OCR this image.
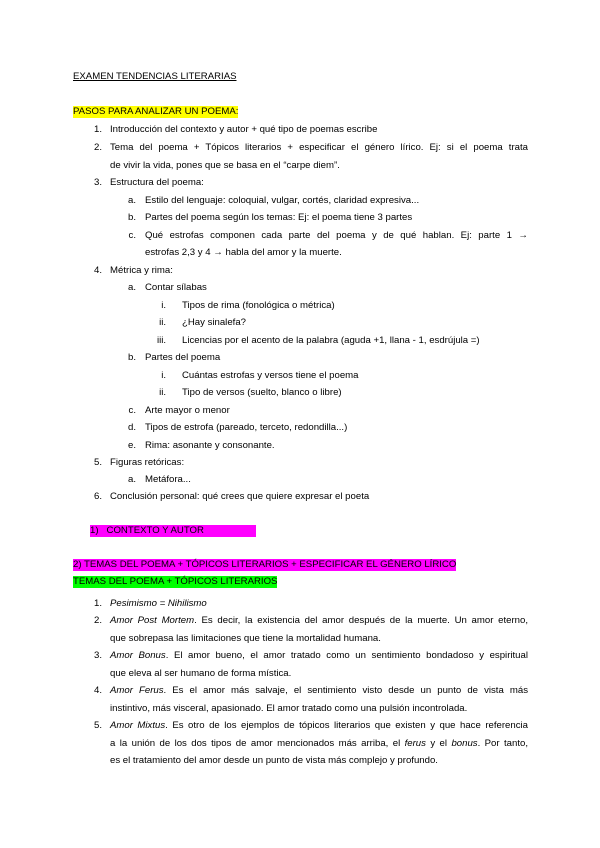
EXAMEN TENDENCIAS LITERARIAS
PASOS PARA ANALIZAR UN POEMA:
1. Introducción del contexto y autor + qué tipo de poemas escribe
2. Tema del poema + Tópicos literarios + especificar el género lírico. Ej: si el poema trata
de vivir la vida, pones que se basa en el “carpe diem”.
3. Estructura del poema:
a. Estilo del lenguaje: coloquial, vulgar, cortés, claridad expresiva...
b. Partes del poema según los temas: Ej: el poema tiene 3 partes
c. Qué estrofas componen cada parte del poema y de qué hablan. Ej: parte 1 →
estrofas 2,3 y 4 → habla del amor y la muerte.
4. Métrica y rima:
a. Contar sílabas
i. Tipos de rima (fonológica o métrica)
ii. ¿Hay sinalefa?
iii. Licencias por el acento de la palabra (aguda +1, llana - 1, esdrújula =)
b. Partes del poema
i. Cuántas estrofas y versos tiene el poema
ii. Tipo de versos (suelto, blanco o libre)
c. Arte mayor o menor
d. Tipos de estrofa (pareado, terceto, redondilla...)
e. Rima: asonante y consonante.
5. Figuras retóricas:
a. Metáfora...
6. Conclusión personal: qué crees que quiere expresar el poeta
1) CONTEXTO Y AUTOR
2) TEMAS DEL POEMA + TÓPICOS LITERARIOS + ESPECIFICAR EL GÉNERO LÍRICO
TEMAS DEL POEMA + TÓPICOS LITERARIOS
1. Pesimismo = Nihilismo
2. Amor Post Mortem. Es decir, la existencia del amor después de la muerte. Un amor eterno,
que sobrepasa las limitaciones que tiene la mortalidad humana.
3. Amor Bonus. El amor bueno, el amor tratado como un sentimiento bondadoso y espiritual
que eleva al ser humano de forma mística.
4. Amor Ferus. Es el amor más salvaje, el sentimiento visto desde un punto de vista más
instintivo, más visceral, apasionado. El amor tratado como una pulsión incontrolada.
5. Amor Mixtus. Es otro de los ejemplos de tópicos literarios que existen y que hace referencia
a la unión de los dos tipos de amor mencionados más arriba, el ferus y el bonus. Por tanto,
es el tratamiento del amor desde un punto de vista más complejo y profundo.
